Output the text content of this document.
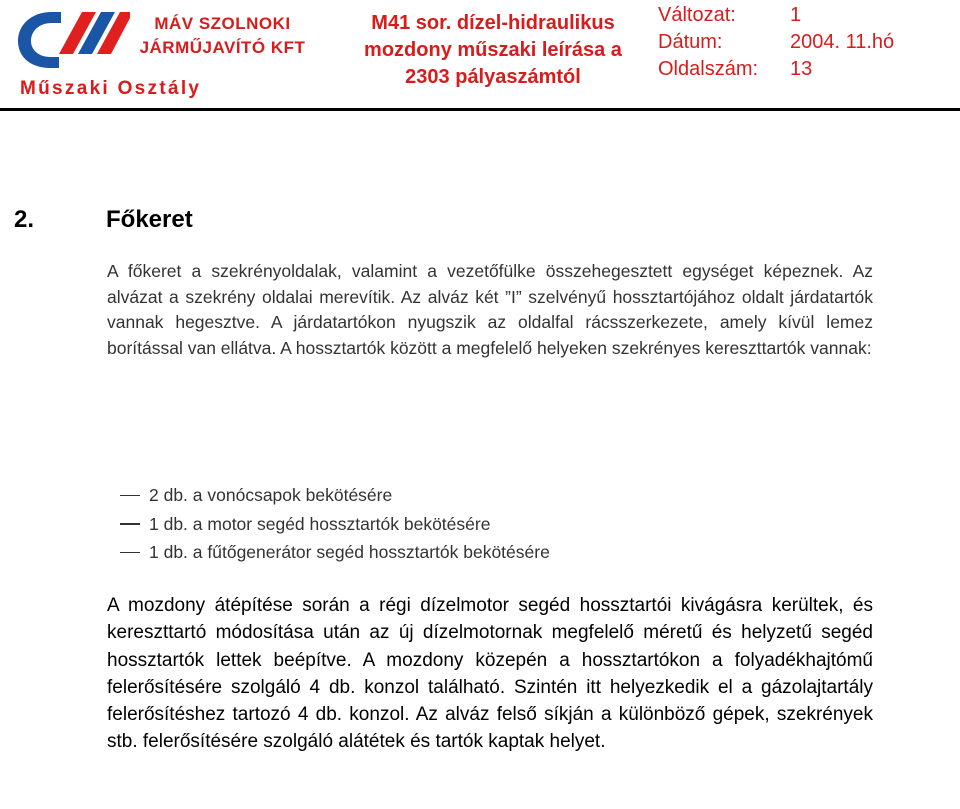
MÁV SZOLNOKI
JÁRMŰJAVÍTÓ KFT
Műszaki Osztály
M41 sor. dízel-hidraulikus
mozdony műszaki leírása a
2303 pályaszámtól
Változat:	1
Dátum:	2004. 11.hó
Oldalszám:	13
2.	Főkeret

A főkeret a szekrényoldalak, valamint a vezetőfülke összehegesztett egységet képeznek. Az alvázat a szekrény oldalai merevítik. Az alváz két ”I” szelvényű hossztartójához oldalt járdatartók vannak hegesztve. A járdatartókon nyugszik az oldalfal rácsszerkezete, amely kívül lemez borítással van ellátva. A hossztartók között a megfelelő helyeken szekrényes kereszttartók vannak:

2 db. a vonócsapok bekötésére
1 db. a motor segéd hossztartók bekötésére
1 db. a fűtőgenerátor segéd hossztartók bekötésére

A mozdony átépítése során a régi dízelmotor segéd hossztartói kivágásra kerültek, és kereszttartó módosítása után az új dízelmotornak megfelelő méretű és helyzetű segéd hossztartók lettek beépítve. A mozdony közepén a hossztartókon a folyadékhajtómű felerősítésére szolgáló 4 db. konzol található. Szintén itt helyezkedik el a gázolajtartály felerősítéshez tartozó 4 db. konzol. Az alváz felső síkján a különböző gépek, szekrények stb. felerősítésére szolgáló alátétek és tartók kaptak helyet.
